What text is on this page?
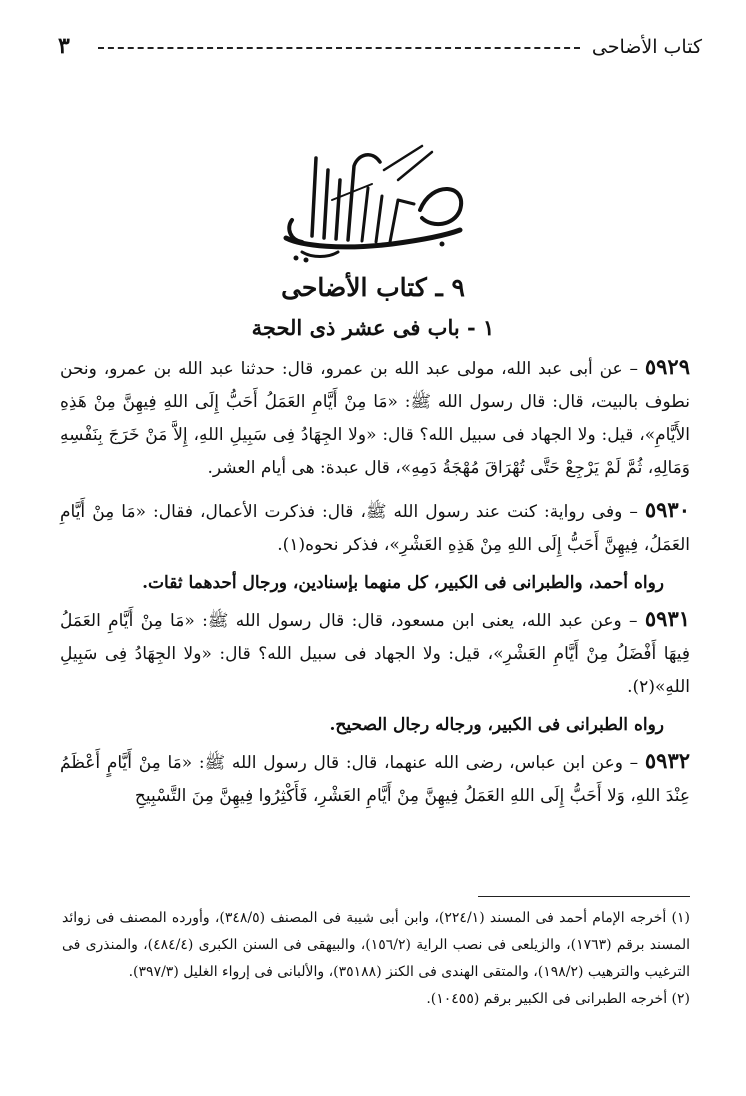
كتاب الأضاحى
٣
٩ ـ كتاب الأضاحى
١ - باب فى عشر ذى الحجة

٥٩٢٩ – عن أبى عبد الله، مولى عبد الله بن عمرو، قال: حدثنا عبد الله بن عمرو، ونحن نطوف بالبيت، قال: قال رسول الله ﷺ: «مَا مِنْ أَيَّامِ العَمَلُ أَحَبُّ إِلَى اللهِ فِيهِنَّ مِنْ هَذِهِ الأَيَّامِ»، قيل: ولا الجهاد فى سبيل الله؟ قال: «ولا الجِهَادُ فِى سَبِيلِ اللهِ، إِلاَّ مَنْ خَرَجَ بِنَفْسِهِ وَمَالِهِ، ثُمَّ لَمْ يَرْجِعْ حَتَّى تُهْرَاقَ مُهْجَةُ دَمِهِ»، قال عبدة: هى أيام العشر.

٥٩٣٠ – وفى رواية: كنت عند رسول الله ﷺ، قال: فذكرت الأعمال، فقال: «مَا مِنْ أَيَّامِ العَمَلُ، فِيهِنَّ أَحَبُّ إِلَى اللهِ مِنْ هَذِهِ العَشْرِ»، فذكر نحوه(١).

رواه أحمد، والطبرانى فى الكبير، كل منهما بإسنادين، ورجال أحدهما ثقات.

٥٩٣١ – وعن عبد الله، يعنى ابن مسعود، قال: قال رسول الله ﷺ: «مَا مِنْ أَيَّامِ العَمَلُ فِيهَا أَفْضَلُ مِنْ أَيَّامِ العَشْرِ»، قيل: ولا الجهاد فى سبيل الله؟ قال: «ولا الجِهَادُ فِى سَبِيلِ اللهِ»(٢).

رواه الطبرانى فى الكبير، ورجاله رجال الصحيح.

٥٩٣٢ – وعن ابن عباس، رضى الله عنهما، قال: قال رسول الله ﷺ: «مَا مِنْ أَيَّامٍ أَعْظَمُ عِنْدَ اللهِ، وَلا أَحَبُّ إِلَى اللهِ العَمَلُ فِيهِنَّ مِنْ أَيَّامِ العَشْرِ، فَأَكْثِرُوا فِيهِنَّ مِنَ التَّسْبِيحِ

(١) أخرجه الإمام أحمد فى المسند (٢٢٤/١)، وابن أبى شيبة فى المصنف (٣٤٨/٥)، وأورده المصنف فى زوائد المسند برقم (١٧٦٣)، والزيلعى فى نصب الراية (١٥٦/٢)، والبيهقى فى السنن الكبرى (٤٨٤/٤)، والمنذرى فى الترغيب والترهيب (١٩٨/٢)، والمتقى الهندى فى الكنز (٣٥١٨٨)، والألبانى فى إرواء الغليل (٣٩٧/٣).

(٢) أخرجه الطبرانى فى الكبير برقم (١٠٤٥٥).
